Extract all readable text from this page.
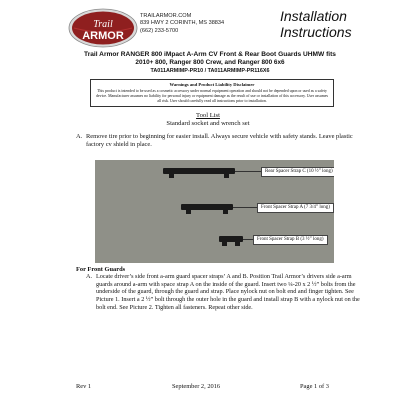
Trail
ARMOR
TRAILARMOR.COM
839 HWY 2 CORINTH, MS 38834
(662) 233-5700
Installation
Instructions
Trail Armor RANGER 800 iMpact A-Arm CV Front & Rear Boot Guards UHMW fits
2010+ 800, Ranger 800 Crew, and Ranger 800 6x6
TA011ARMIMP-PR10 / TA011ARMIMP-PR116X6
Warnings and Product Liability Disclaimer
This product is intended to be used as a cosmetic accessory under normal equipment operation and should not be depended upon or used as a safety device. Manufacturer assumes no liability for personal injury or equipment damage as the result of use or installation of this accessory. User assumes all risk. User should carefully read all instructions prior to installation.
Tool List
Standard socket and wrench set
A. Remove tire prior to beginning for easier install. Always secure vehicle with safety stands. Leave plastic factory cv shield in place.
Rear Spacer Strap C (10 ½” long)
Front Spacer Strap A (7 3/4” long)
Front Spacer Strap B (3 ½” long)
For Front Guards
A. Locate driver’s side front a-arm guard spacer straps’ A and B. Position Trail Armor’s drivers side a-arm guards around a-arm with space strap A on the inside of the guard. Insert two ¼-20 x 2 ½” bolts from the underside of the guard, through the guard and strap. Place nylock nut on bolt end and finger tighten. See Picture 1. Insert a 2 ½” bolt through the outer hole in the guard and install strap B with a nylock nut on the bolt end. See Picture 2. Tighten all fasteners. Repeat other side.
Rev 1	September 2, 2016	Page 1 of 3
